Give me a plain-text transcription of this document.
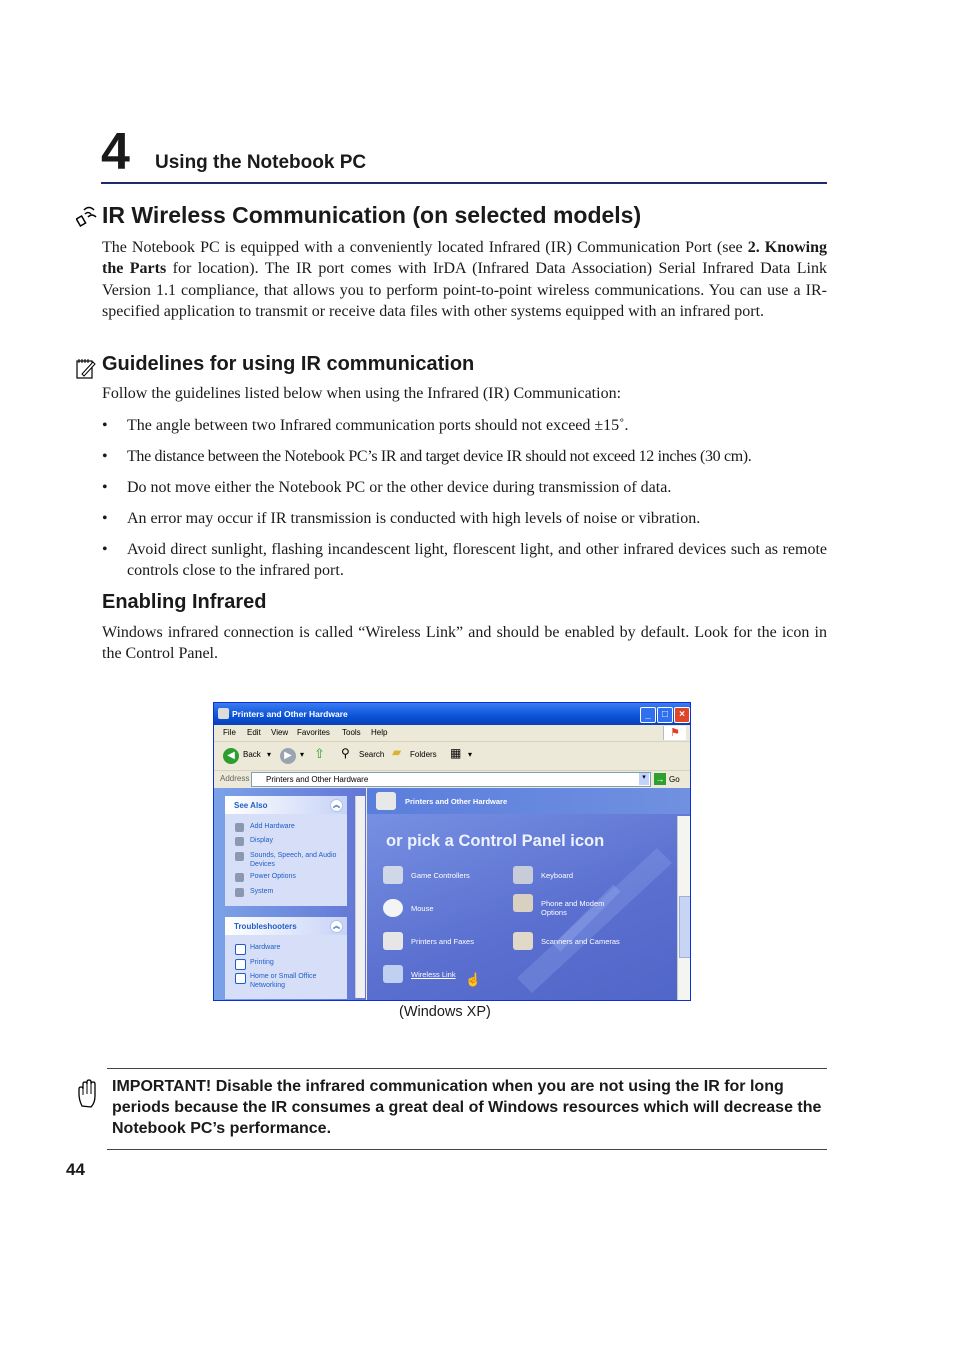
4 Using the Notebook PC
IR Wireless Communication (on selected models)
The Notebook PC is equipped with a conveniently located Infrared (IR) Communication Port (see 2. Knowing the Parts for location). The IR port comes with IrDA (Infrared Data Association) Serial Infrared Data Link Version 1.1 compliance, that allows you to perform point-to-point wireless communications. You can use a IR-specified application to transmit or receive data files with other systems equipped with an infrared port.
Guidelines for using IR communication
Follow the guidelines listed below when using the Infrared (IR) Communication:
• The angle between two Infrared communication ports should not exceed ±15˚.
• The distance between the Notebook PC’s IR and target device IR should not exceed 12 inches (30 cm).
• Do not move either the Notebook PC or the other device during transmission of data.
• An error may occur if IR transmission is conducted with high levels of noise or vibration.
• Avoid direct sunlight, flashing incandescent light, florescent light, and other infrared devices such as remote controls close to the infrared port.
Enabling Infrared
Windows infrared connection is called “Wireless Link” and should be enabled by default. Look for the icon in the Control Panel.
Printers and Other Hardware	_	□	×
File Edit View Favorites Tools Help	⚑
◀	Back ▾	▶	▾ ⇧ ⚲ Search ▰ Folders ▦ ▾
Address Printers and Other Hardware	▾	→ Go
See Also	︽
Add Hardware
Display
Sounds, Speech, and Audio Devices
Power Options
System
Troubleshooters	︽
Hardware
Printing
Home or Small Office Networking
Printers and Other Hardware
or pick a Control Panel icon
Game Controllers	Keyboard
Mouse
Phone and Modem Options
Printers and Faxes	Scanners and Cameras
Wireless Link ☝
(Windows XP)
IMPORTANT! Disable the infrared communication when you are not using the IR for long periods because the IR consumes a great deal of Windows resources which will decrease the Notebook PC’s performance.
44
